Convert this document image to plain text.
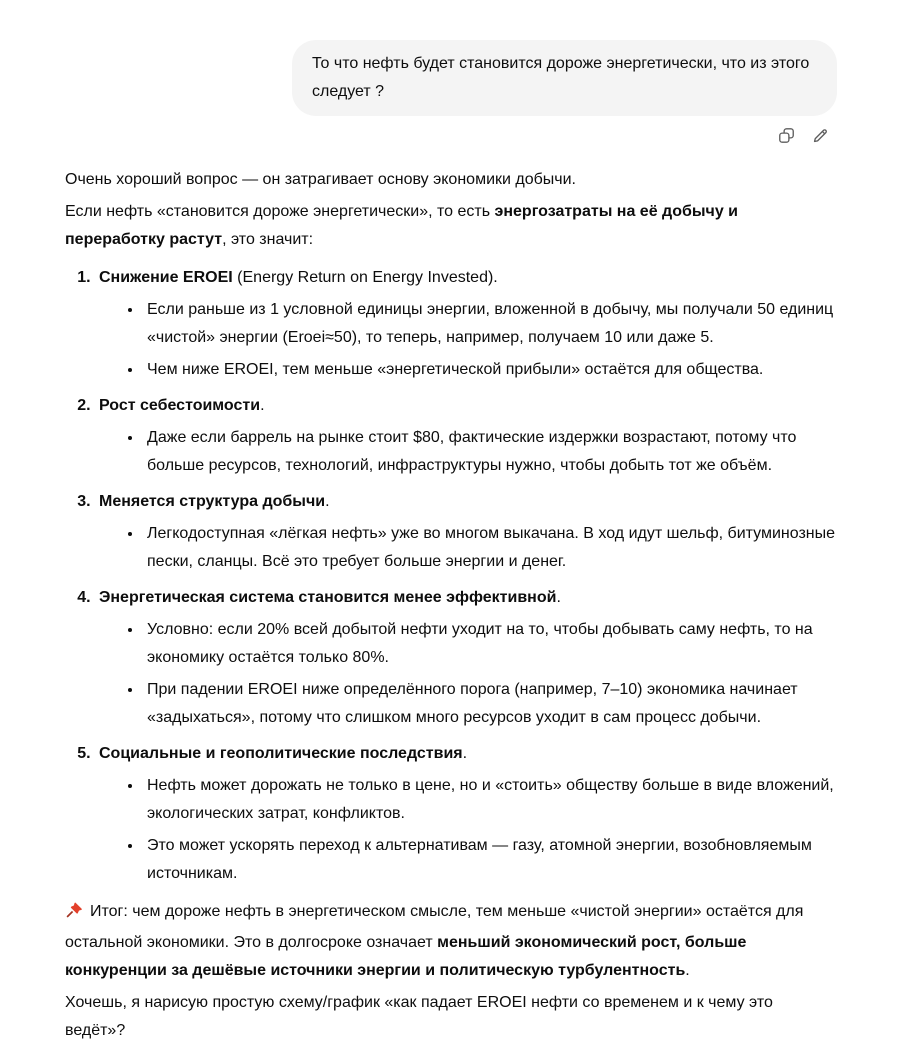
То что нефть будет становится дороже энергетически, что из этого следует ?

Очень хороший вопрос — он затрагивает основу экономики добычи.

Если нефть «становится дороже энергетически», то есть энергозатраты на её добычу и переработку растут, это значит:

1. Снижение EROEI (Energy Return on Energy Invested).
• Если раньше из 1 условной единицы энергии, вложенной в добычу, мы получали 50 единиц «чистой» энергии (Eroei≈50), то теперь, например, получаем 10 или даже 5.
• Чем ниже EROEI, тем меньше «энергетической прибыли» остаётся для общества.
2. Рост себестоимости.
• Даже если баррель на рынке стоит $80, фактические издержки возрастают, потому что больше ресурсов, технологий, инфраструктуры нужно, чтобы добыть тот же объём.
3. Меняется структура добычи.
• Легкодоступная «лёгкая нефть» уже во многом выкачана. В ход идут шельф, битуминозные пески, сланцы. Всё это требует больше энергии и денег.
4. Энергетическая система становится менее эффективной.
• Условно: если 20% всей добытой нефти уходит на то, чтобы добывать саму нефть, то на экономику остаётся только 80%.
• При падении EROEI ниже определённого порога (например, 7–10) экономика начинает «задыхаться», потому что слишком много ресурсов уходит в сам процесс добычи.
5. Социальные и геополитические последствия.
• Нефть может дорожать не только в цене, но и «стоить» обществу больше в виде вложений, экологических затрат, конфликтов.
• Это может ускорять переход к альтернативам — газу, атомной энергии, возобновляемым источникам.

Итог: чем дороже нефть в энергетическом смысле, тем меньше «чистой энергии» остаётся для остальной экономики. Это в долгосроке означает меньший экономический рост, больше конкуренции за дешёвые источники энергии и политическую турбулентность.

Хочешь, я нарисую простую схему/график «как падает EROEI нефти со временем и к чему это ведёт»?
